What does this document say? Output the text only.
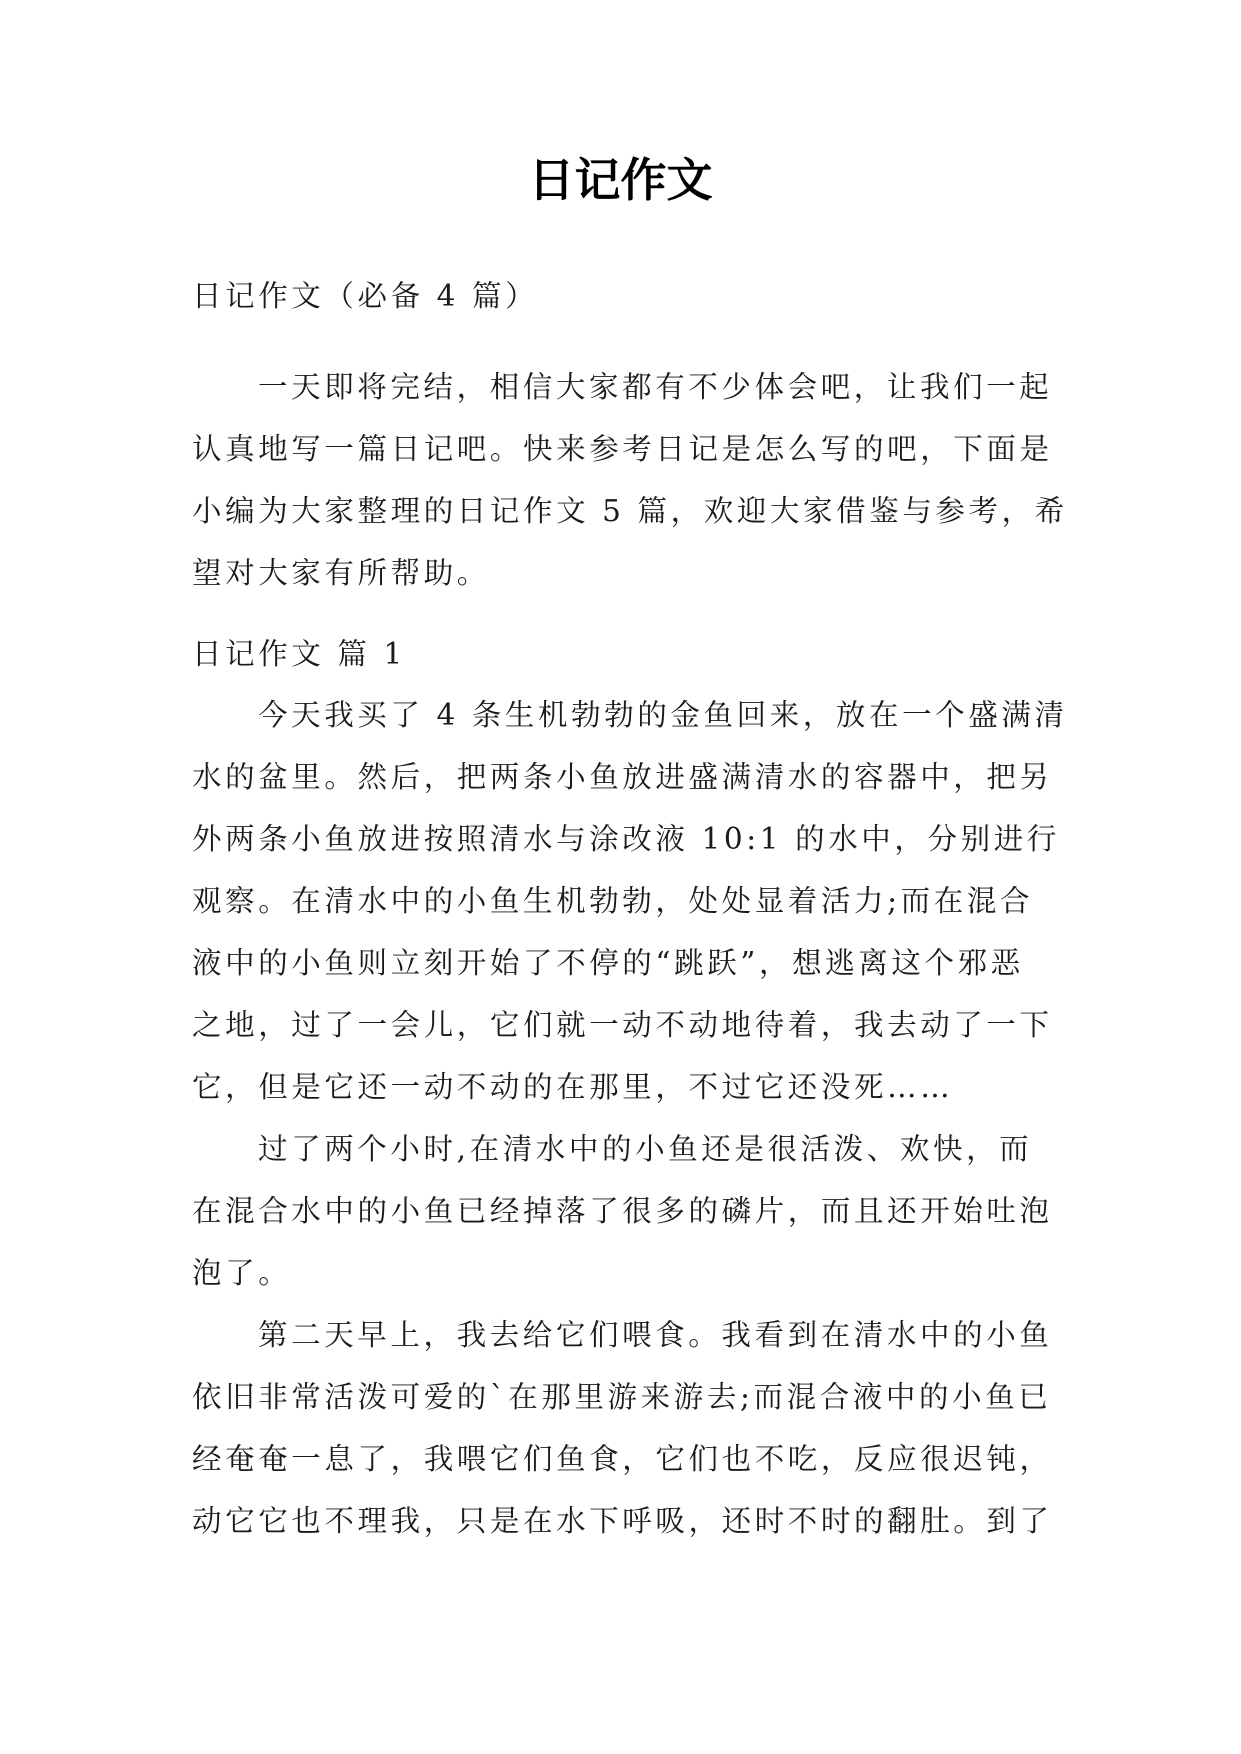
日记作文
日记作文（必备 4 篇）
一天即将完结，相信大家都有不少体会吧，让我们一起
认真地写一篇日记吧。快来参考日记是怎么写的吧，下面是
小编为大家整理的日记作文 5 篇，欢迎大家借鉴与参考，希
望对大家有所帮助。
日记作文 篇 1
今天我买了 4 条生机勃勃的金鱼回来，放在一个盛满清
水的盆里。然后，把两条小鱼放进盛满清水的容器中，把另
外两条小鱼放进按照清水与涂改液 10:1 的水中，分别进行
观察。在清水中的小鱼生机勃勃，处处显着活力;而在混合
液中的小鱼则立刻开始了不停的“跳跃”，想逃离这个邪恶
之地，过了一会儿，它们就一动不动地待着，我去动了一下
它，但是它还一动不动的在那里，不过它还没死……
过了两个小时,在清水中的小鱼还是很活泼、欢快，而
在混合水中的小鱼已经掉落了很多的磷片，而且还开始吐泡
泡了。
第二天早上，我去给它们喂食。我看到在清水中的小鱼
依旧非常活泼可爱的`在那里游来游去;而混合液中的小鱼已
经奄奄一息了，我喂它们鱼食，它们也不吃，反应很迟钝，
动它它也不理我，只是在水下呼吸，还时不时的翻肚。到了
